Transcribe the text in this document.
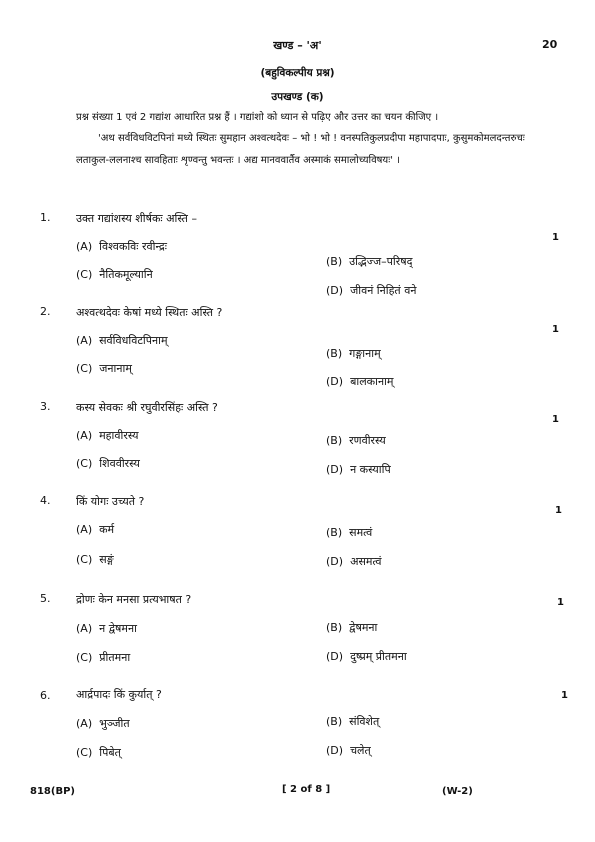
खण्ड – 'अ'	20
(बहुविकल्पीय प्रश्न)
उपखण्ड (क)
प्रश्न संख्या 1 एवं 2 गद्यांश आधारित प्रश्न हैं । गद्यांशो को ध्यान से पढ़िए और उत्तर का चयन कीजिए ।
'अथ सर्वविधविटपिनां मध्ये स्थितः सुमहान अश्वत्थदेवः – भो ! भो ! वनस्पतिकुलप्रदीपा महापादपाः, कुसुमकोमलदन्तरुचः लताकुल-ललनाश्च सावहिताः शृण्वन्तु भवन्तः । अद्य मानववार्तैव अस्माकं समालोच्यविषयः' ।
1. उक्त गद्यांशस्य शीर्षकः अस्ति –
1
(A) विश्वकविः रवीन्द्रः
(B) उद्भिज्ज–परिषद्
(C) नैतिकमूल्यानि
(D) जीवनं निहितं वने
2. अश्वत्थदेवः केषां मध्ये स्थितः अस्ति ?
1
(A) सर्वविधविटपिनाम्
(B) गङ्गानाम्
(C) जनानाम्
(D) बालकानाम्
3. कस्य सेवकः श्री रघुवीरसिंहः अस्ति ?
1
(A) महावीरस्य	(B) रणवीरस्य
(C) शिववीरस्य	(D) न कस्यापि
4. किं योगः उच्यते ?
1
(A) कर्म	(B) समत्वं
(C) सङ्गं	(D) असमत्वं
5. द्रोणः केन मनसा प्रत्यभाषत ?	1
(A) न द्वेषमना	(B) द्वेषमना
(C) प्रीतमना	(D) दुष्प्रम् प्रीतमना
6. आर्द्रपादः किं कुर्यात् ?	1
(A) भुञ्जीत	(B) संविशेत्
(C) पिबेत्	(D) चलेत्
818(BP)	[ 2 of 8 ]	(W-2)
